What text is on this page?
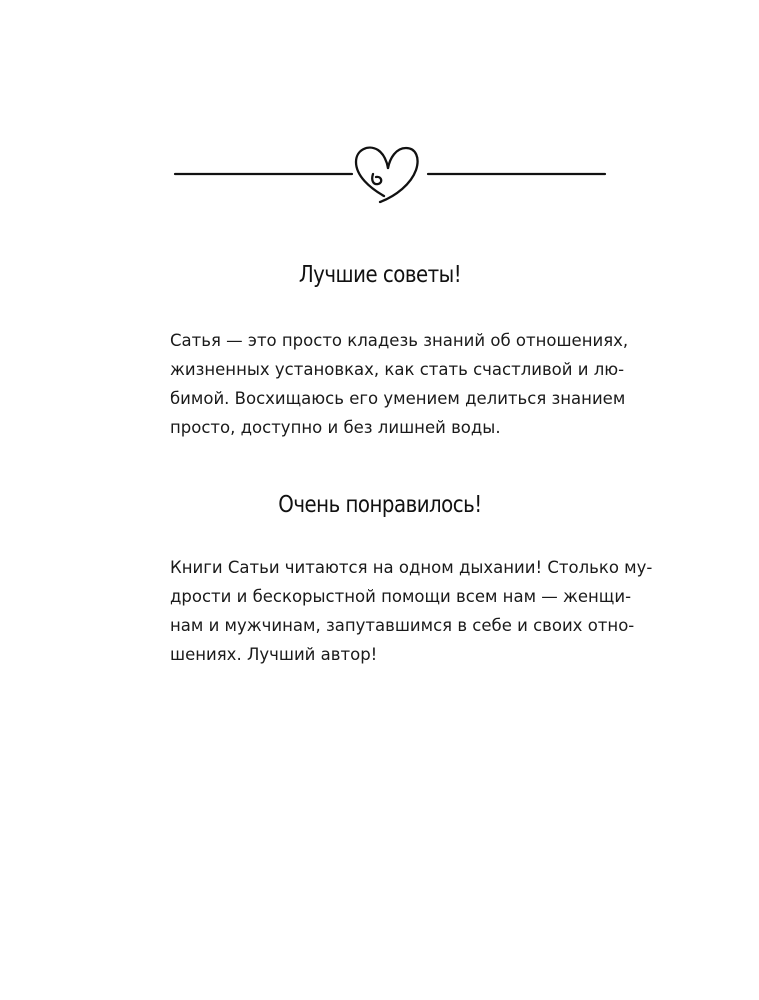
Лучшие советы!
Сатья — это просто кладезь знаний об отношениях,
жизненных установках, как стать счастливой и лю-
бимой. Восхищаюсь его умением делиться знанием
просто, доступно и без лишней воды.
Очень понравилось!
Книги Сатьи читаются на одном дыхании! Столько му-
дрости и бескорыстной помощи всем нам — женщи-
нам и мужчинам, запутавшимся в себе и своих отно-
шениях. Лучший автор!
